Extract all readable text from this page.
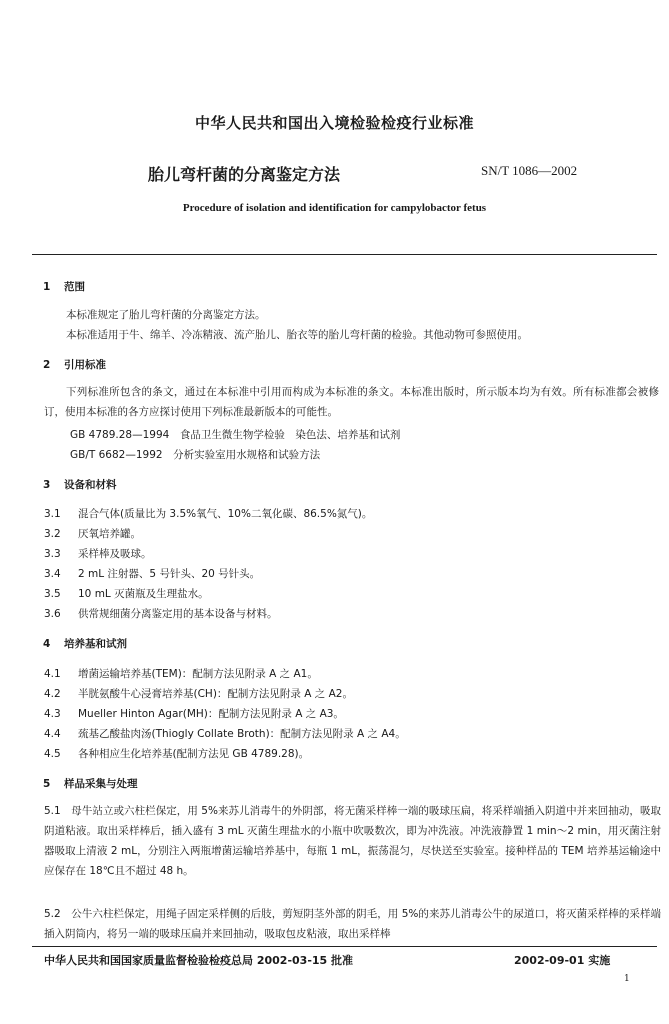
中华人民共和国出入境检验检疫行业标准
胎儿弯杆菌的分离鉴定方法	SN/T 1086—2002
Procedure of isolation and identification for campylobactor fetus
1 范围
本标准规定了胎儿弯杆菌的分离鉴定方法。
本标准适用于牛、绵羊、冷冻精液、流产胎儿、胎衣等的胎儿弯杆菌的检验。其他动物可参照使用。
2 引用标准
下列标准所包含的条文，通过在本标准中引用而构成为本标准的条文。本标准出版时，所示版本均为有效。所有标准都会被修订，使用本标准的各方应探讨使用下列标准最新版本的可能性。
GB 4789.28—1994　食品卫生微生物学检验　染色法、培养基和试剂
GB/T 6682—1992　分析实验室用水规格和试验方法
3 设备和材料
3.1 混合气体(质量比为 3.5%氧气、10%二氧化碳、86.5%氮气)。
3.2 厌氧培养罐。
3.3 采样棒及吸球。
3.4 2 mL 注射器、5 号针头、20 号针头。
3.5 10 mL 灭菌瓶及生理盐水。
3.6 供常规细菌分离鉴定用的基本设备与材料。
4 培养基和试剂
4.1 增菌运输培养基(TEM)：配制方法见附录 A 之 A1。
4.2 半胱氨酸牛心浸膏培养基(CH)：配制方法见附录 A 之 A2。
4.3 Mueller Hinton Agar(MH)：配制方法见附录 A 之 A3。
4.4 巯基乙酸盐肉汤(Thiogly Collate Broth)：配制方法见附录 A 之 A4。
4.5 各种相应生化培养基(配制方法见 GB 4789.28)。
5 样品采集与处理
5.1　母牛站立或六柱栏保定，用 5%来苏儿消毒牛的外阴部，将无菌采样棒一端的吸球压扁，将采样端插入阴道中并来回抽动，吸取阴道粘液。取出采样棒后，插入盛有 3 mL 灭菌生理盐水的小瓶中吹吸数次，即为冲洗液。冲洗液静置 1 min～2 min，用灭菌注射器吸取上清液 2 mL，分别注入两瓶增菌运输培养基中，每瓶 1 mL，振荡混匀，尽快送至实验室。接种样品的 TEM 培养基运输途中应保存在 18℃且不超过 48 h。
5.2　公牛六柱栏保定，用绳子固定采样侧的后肢，剪短阴茎外部的阴毛，用 5%的来苏儿消毒公牛的尿道口，将灭菌采样棒的采样端插入阴筒内，将另一端的吸球压扁并来回抽动，吸取包皮粘液，取出采样棒
中华人民共和国国家质量监督检验检疫总局 2002-03-15 批准	2002-09-01 实施
1
